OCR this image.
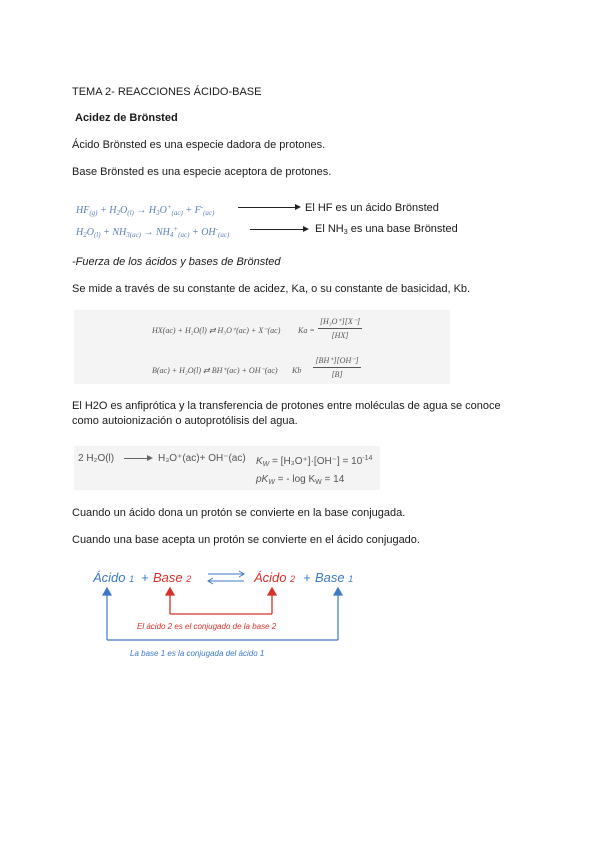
TEMA 2- REACCIONES ÁCIDO-BASE
Acidez de Brönsted
Ácido Brönsted es una especie dadora de protones.
Base Brönsted es una especie aceptora de protones.
$HF_{(g)} + H_2O_{(l)} \to H_3O^+_{(ac)} + F^-_{(ac)}$	El HF es un ácido Brönsted
$H_2O_{(l)} + NH_{3(ac)} \to NH_4^+_{(ac)} + OH^-_{(ac)}$	El $NH_3$ es una base Brönsted
-Fuerza de los ácidos y bases de Brönsted
Se mide a través de su constante de acidez, Ka, o su constante de basicidad, Kb.
HX(ac) + H₂O(l) ⇄ H₃O⁺(ac) + X⁻(ac) Ka =
[H₃O⁺][X⁻]
[HX]
B(ac) + H₂O(l) ⇄ BH⁺(ac) + OH⁻(ac) Kb
[BH⁺][OH⁻]
[B]
El H2O es anfiprótica y la transferencia de protones entre moléculas de agua se conoce
como autoionización o autoprotólisis del agua.
2 H₂O(l)	H₃O⁺(ac)+ OH⁻(ac) $K_W = [H_3O^+]\cdot[OH^-] = 10^{-14}$
$pK_W$ = - $\log K_W = 14$
Cuando un ácido dona un protón se convierte en la base conjugada.
Cuando una base acepta un protón se convierte en el ácido conjugado.
Ácido 1 + Base 2	Ácido 2 + Base 1
El ácido 2 es el conjugado de la base 2
La base 1 es la conjugada del ácido 1
